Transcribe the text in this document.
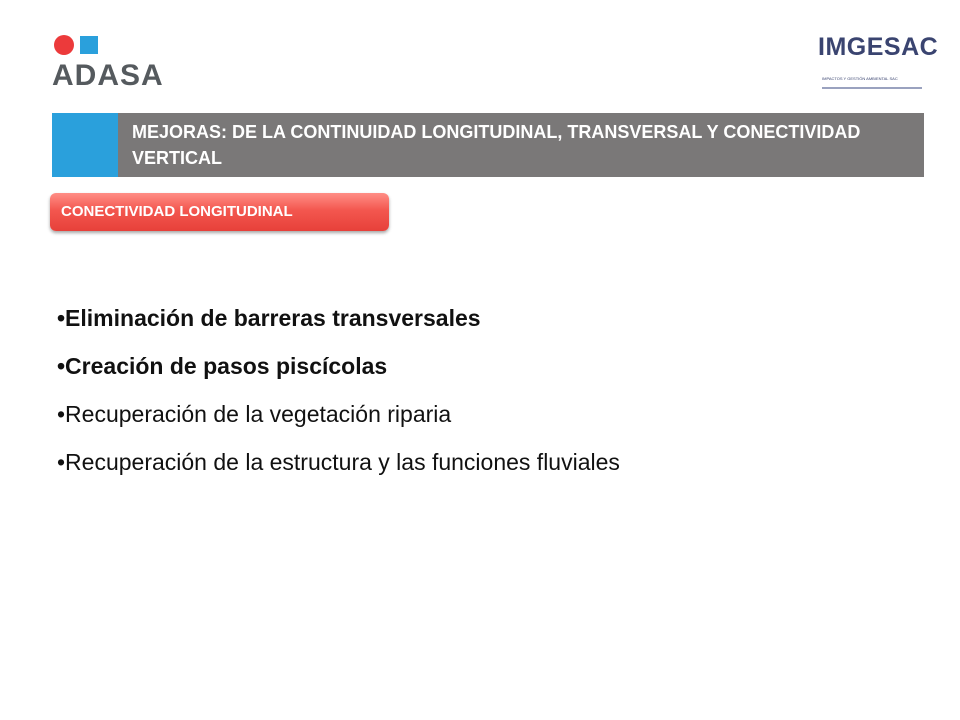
ADASA
IMGESAC
IMPACTOS Y GESTIÓN AMBIENTAL SAC
MEJORAS: DE LA CONTINUIDAD LONGITUDINAL, TRANSVERSAL Y CONECTIVIDAD VERTICAL
CONECTIVIDAD LONGITUDINAL
•Eliminación de barreras transversales
•Creación de pasos piscícolas
•Recuperación de la vegetación riparia
•Recuperación de la estructura y las funciones fluviales
